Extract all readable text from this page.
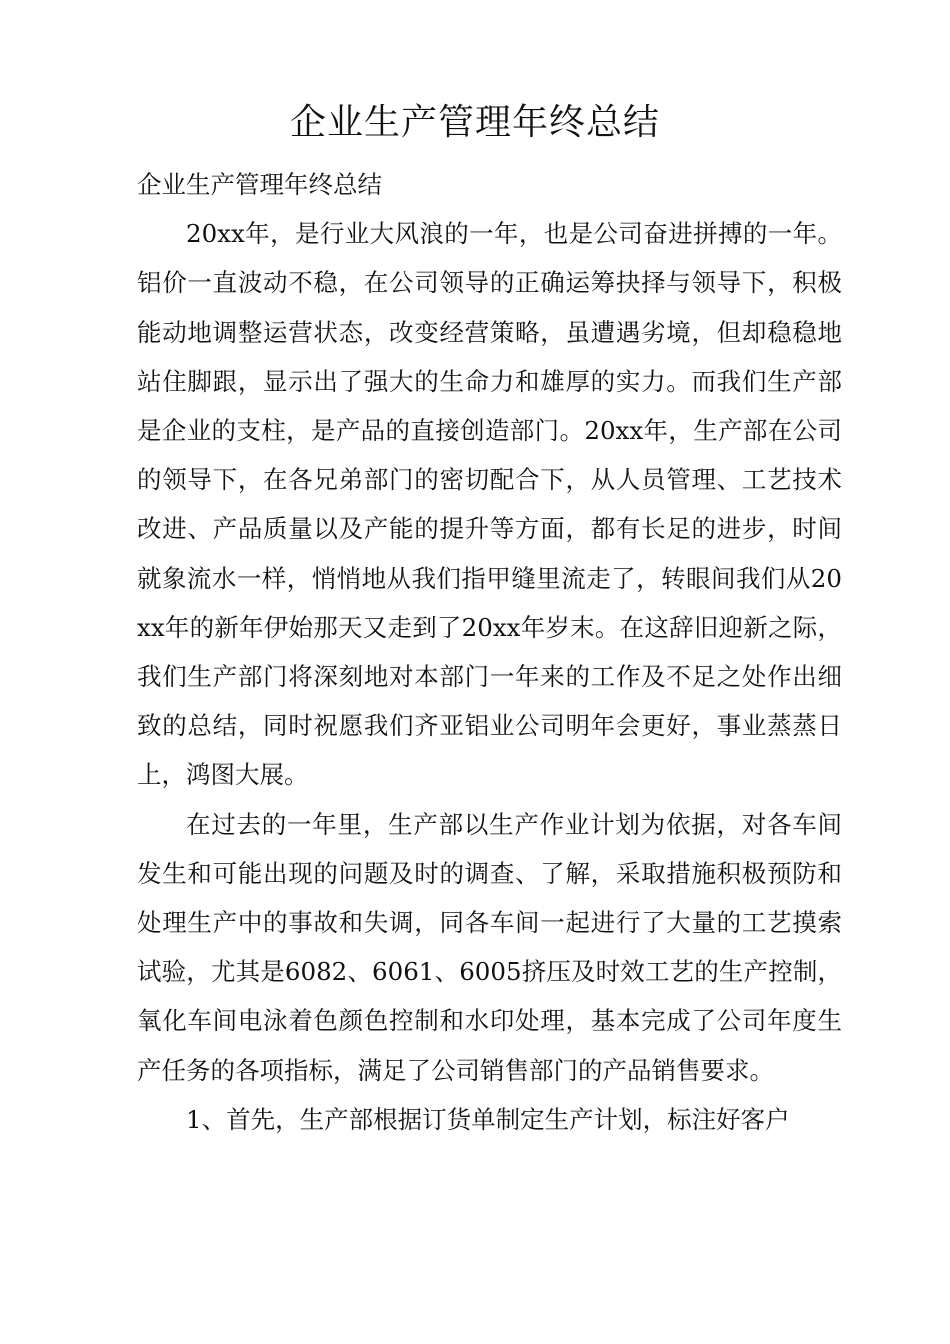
企业生产管理年终总结

企业生产管理年终总结

20xx年，是行业大风浪的一年，也是公司奋进拼搏的一年。铝价一直波动不稳，在公司领导的正确运筹抉择与领导下，积极能动地调整运营状态，改变经营策略，虽遭遇劣境，但却稳稳地站住脚跟，显示出了强大的生命力和雄厚的实力。而我们生产部是企业的支柱，是产品的直接创造部门。20xx年，生产部在公司的领导下，在各兄弟部门的密切配合下，从人员管理、工艺技术改进、产品质量以及产能的提升等方面，都有长足的进步，时间就象流水一样，悄悄地从我们指甲缝里流走了，转眼间我们从20xx年的新年伊始那天又走到了20xx年岁末。在这辞旧迎新之际，我们生产部门将深刻地对本部门一年来的工作及不足之处作出细致的总结，同时祝愿我们齐亚铝业公司明年会更好，事业蒸蒸日上，鸿图大展。

在过去的一年里，生产部以生产作业计划为依据，对各车间发生和可能出现的问题及时的调查、了解，采取措施积极预防和处理生产中的事故和失调，同各车间一起进行了大量的工艺摸索试验，尤其是6082、6061、6005挤压及时效工艺的生产控制，氧化车间电泳着色颜色控制和水印处理，基本完成了公司年度生产任务的各项指标，满足了公司销售部门的产品销售要求。

1、首先，生产部根据订货单制定生产计划，标注好客户
